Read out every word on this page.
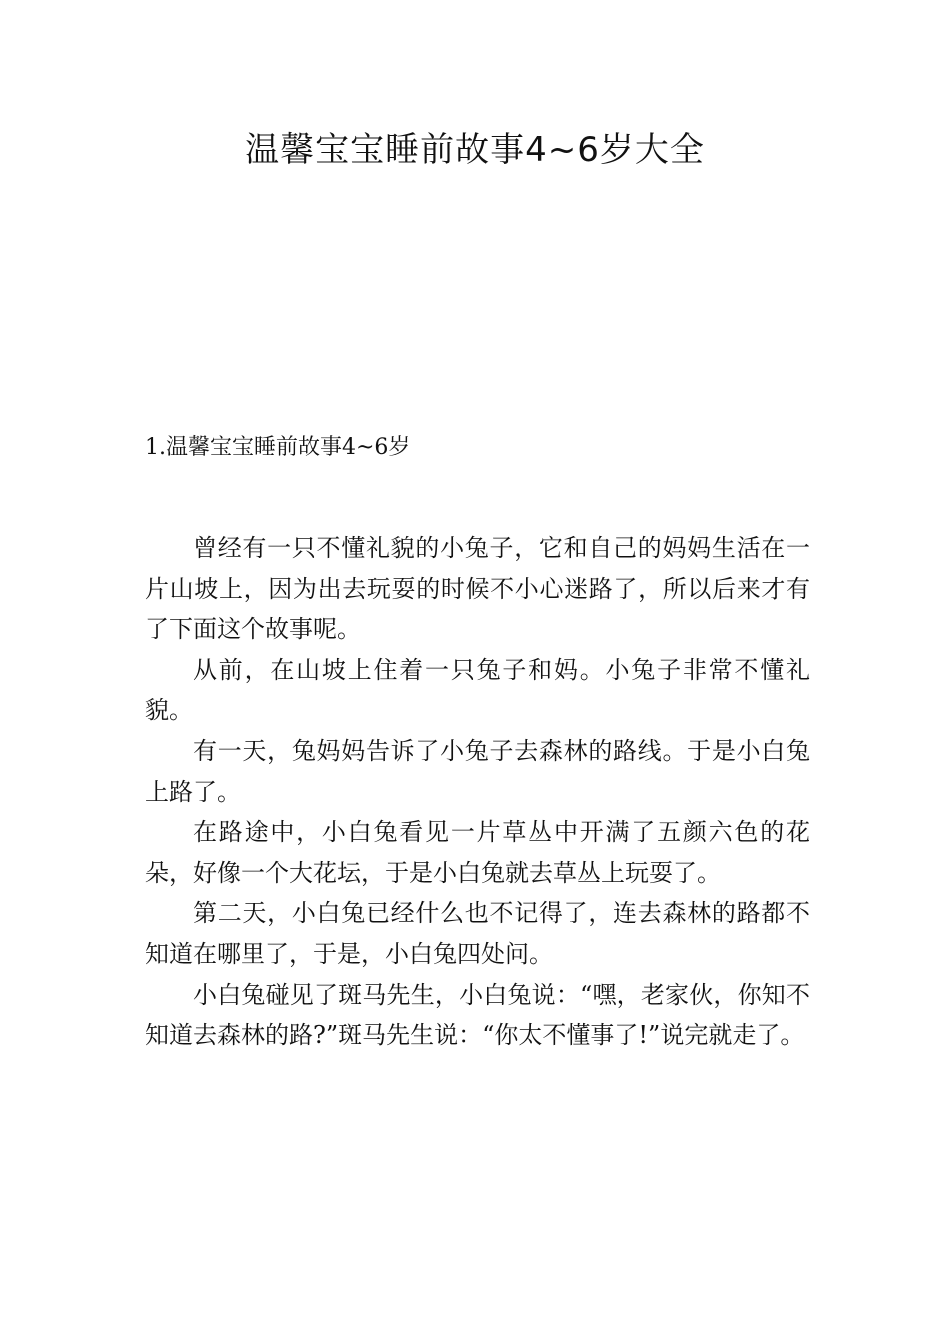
温馨宝宝睡前故事4~6岁大全
1.温馨宝宝睡前故事4~6岁

曾经有一只不懂礼貌的小兔子，它和自己的妈妈生活在一片山坡上，因为出去玩耍的时候不小心迷路了，所以后来才有了下面这个故事呢。

从前，在山坡上住着一只兔子和妈。小兔子非常不懂礼貌。

有一天，兔妈妈告诉了小兔子去森林的路线。于是小白兔上路了。

在路途中，小白兔看见一片草丛中开满了五颜六色的花朵，好像一个大花坛，于是小白兔就去草丛上玩耍了。

第二天，小白兔已经什么也不记得了，连去森林的路都不知道在哪里了，于是，小白兔四处问。

小白兔碰见了斑马先生，小白兔说：“嘿，老家伙，你知不知道去森林的路?”斑马先生说：“你太不懂事了!”说完就走了。
